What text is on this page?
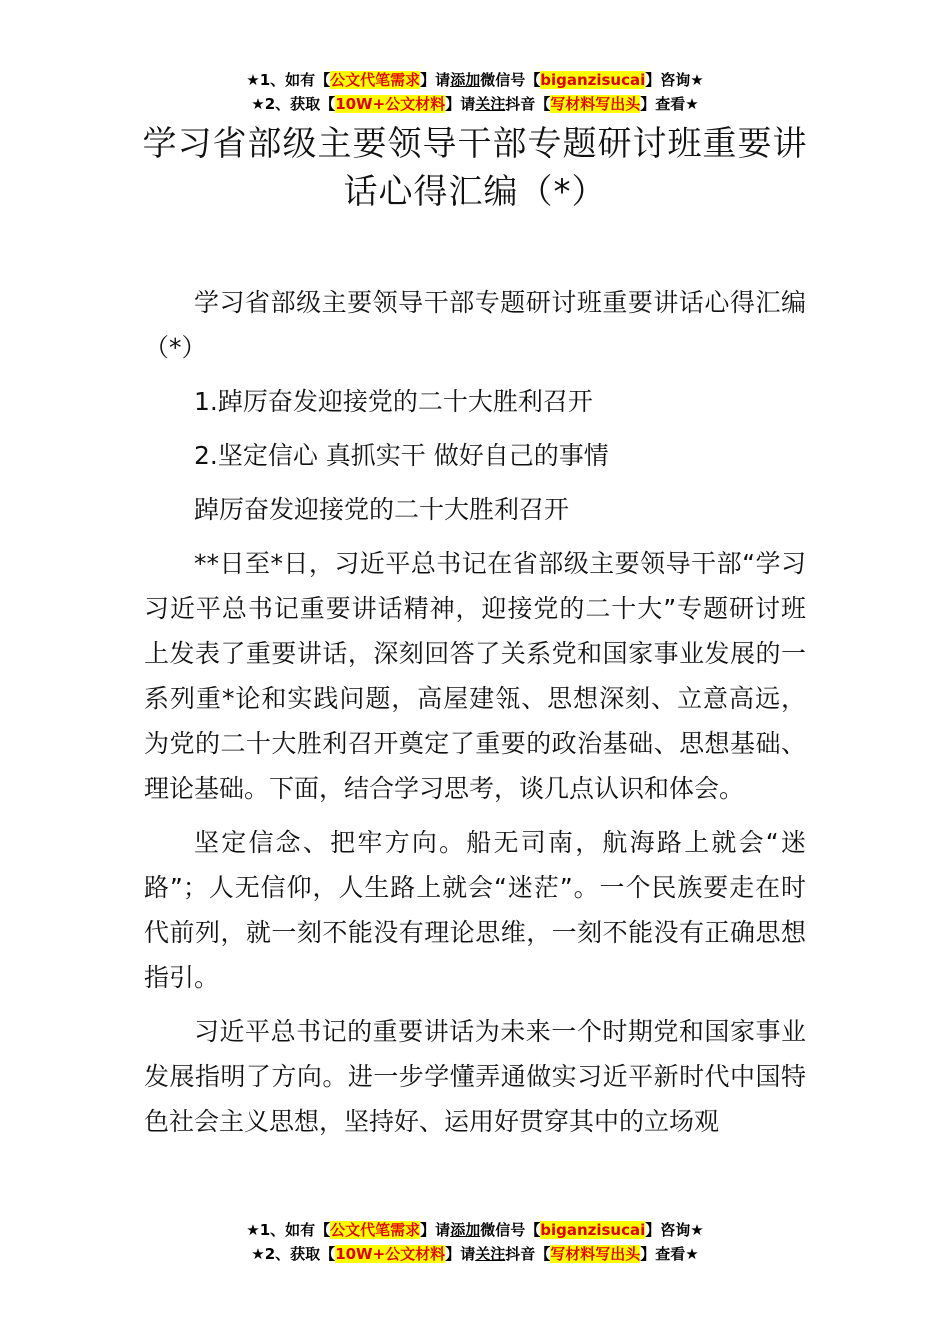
★1、如有【公文代笔需求】请添加微信号【biganzisucai】咨询★
★2、获取【10W+公文材料】请关注抖音【写材料写出头】查看★
学习省部级主要领导干部专题研讨班重要讲话心得汇编（*）

学习省部级主要领导干部专题研讨班重要讲话心得汇编（*）

1.踔厉奋发迎接党的二十大胜利召开

2.坚定信心 真抓实干 做好自己的事情

踔厉奋发迎接党的二十大胜利召开

**日至*日，习近平总书记在省部级主要领导干部“学习习近平总书记重要讲话精神，迎接党的二十大”专题研讨班上发表了重要讲话，深刻回答了关系党和国家事业发展的一系列重*论和实践问题，高屋建瓴、思想深刻、立意高远，为党的二十大胜利召开奠定了重要的政治基础、思想基础、理论基础。下面，结合学习思考，谈几点认识和体会。

坚定信念、把牢方向。船无司南，航海路上就会“迷路”；人无信仰，人生路上就会“迷茫”。一个民族要走在时代前列，就一刻不能没有理论思维，一刻不能没有正确思想指引。

习近平总书记的重要讲话为未来一个时期党和国家事业发展指明了方向。进一步学懂弄通做实习近平新时代中国特色社会主义思想，坚持好、运用好贯穿其中的立场观

★1、如有【公文代笔需求】请添加微信号【biganzisucai】咨询★
★2、获取【10W+公文材料】请关注抖音【写材料写出头】查看★
